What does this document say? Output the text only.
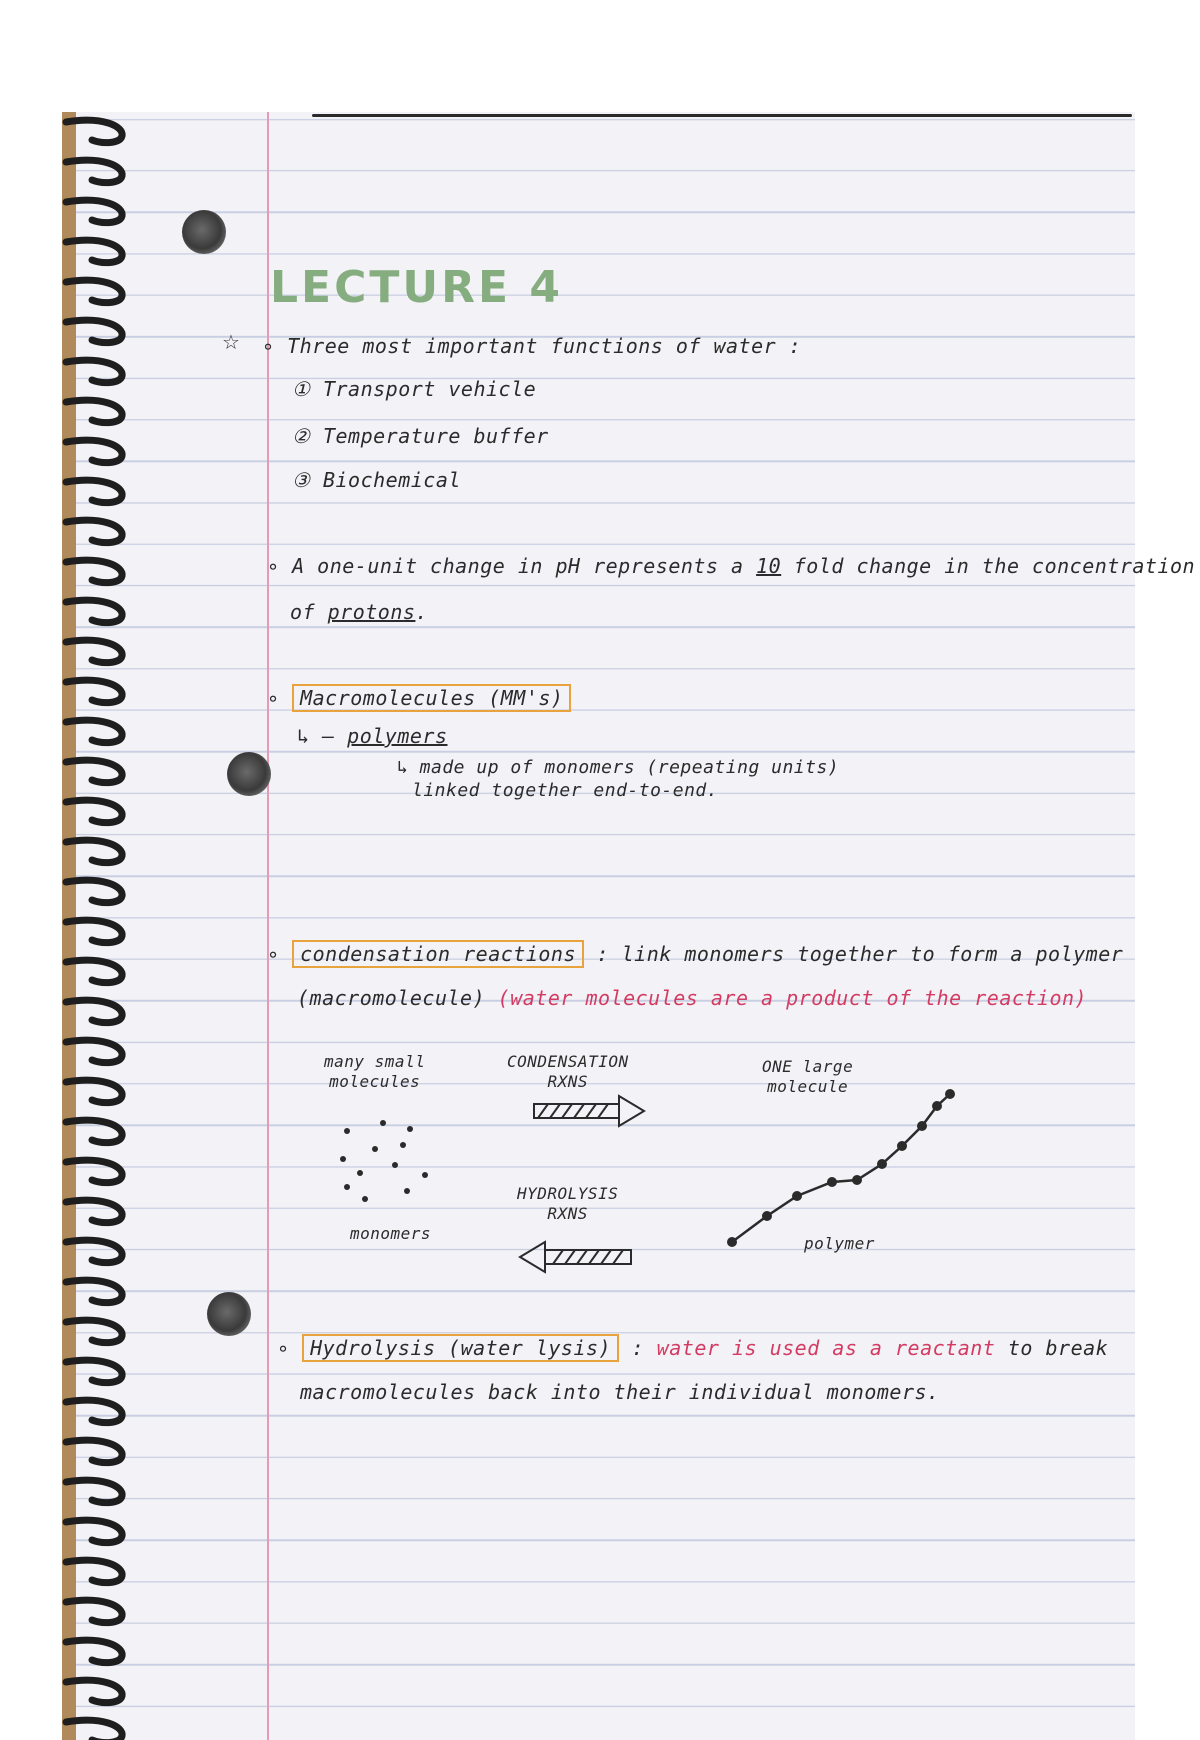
LECTURE 4
☆ ∘ Three most important functions of water :
① Transport vehicle
② Temperature buffer
③ Biochemical
∘ A one-unit change in pH represents a 10 fold change in the concentration
of protons.
∘ Macromolecules (MM's)
↳ – polymers
↳ made up of monomers (repeating units)
linked together end-to-end.
∘ condensation reactions : link monomers together to form a polymer
(macromolecule) (water molecules are a product of the reaction)
many small
molecules
CONDENSATION
RXNS
ONE large
molecule
HYDROLYSIS
RXNS
monomers
polymer
∘ Hydrolysis (water lysis) : water is used as a reactant to break
macromolecules back into their individual monomers.
